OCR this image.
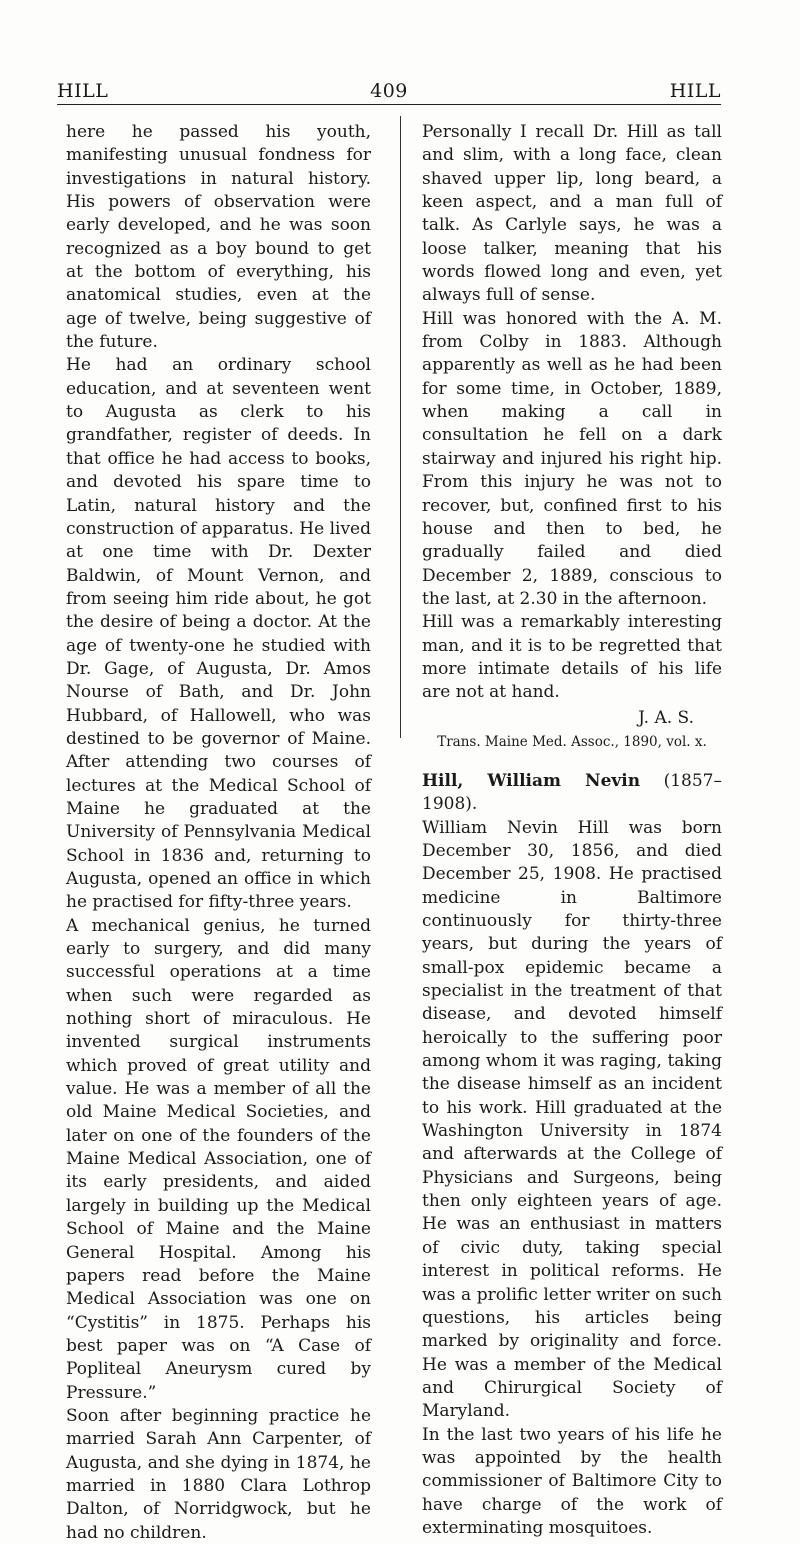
HILL	409	HILL

here he passed his youth, manifesting unusual fondness for investigations in natural history. His powers of observation were early developed, and he was soon recognized as a boy bound to get at the bottom of everything, his anatomical studies, even at the age of twelve, being suggestive of the future.

He had an ordinary school education, and at seventeen went to Augusta as clerk to his grandfather, register of deeds. In that office he had access to books, and devoted his spare time to Latin, natural history and the construction of apparatus. He lived at one time with Dr. Dexter Baldwin, of Mount Vernon, and from seeing him ride about, he got the desire of being a doctor. At the age of twenty-one he studied with Dr. Gage, of Augusta, Dr. Amos Nourse of Bath, and Dr. John Hubbard, of Hallowell, who was destined to be governor of Maine. After attending two courses of lectures at the Medical School of Maine he graduated at the University of Pennsylvania Medical School in 1836 and, returning to Augusta, opened an office in which he practised for fifty-three years.

A mechanical genius, he turned early to surgery, and did many successful operations at a time when such were regarded as nothing short of miraculous. He invented surgical instruments which proved of great utility and value. He was a member of all the old Maine Medical Societies, and later on one of the founders of the Maine Medical Association, one of its early presidents, and aided largely in building up the Medical School of Maine and the Maine General Hospital. Among his papers read before the Maine Medical Association was one on “Cystitis” in 1875. Perhaps his best paper was on “A Case of Popliteal Aneurysm cured by Pressure.”

Soon after beginning practice he married Sarah Ann Carpenter, of Augusta, and she dying in 1874, he married in 1880 Clara Lothrop Dalton, of Norridgwock, but he had no children.

Personally I recall Dr. Hill as tall and slim, with a long face, clean shaved upper lip, long beard, a keen aspect, and a man full of talk. As Carlyle says, he was a loose talker, meaning that his words flowed long and even, yet always full of sense.

Hill was honored with the A. M. from Colby in 1883. Although apparently as well as he had been for some time, in October, 1889, when making a call in consultation he fell on a dark stairway and injured his right hip. From this injury he was not to recover, but, confined first to his house and then to bed, he gradually failed and died December 2, 1889, conscious to the last, at 2.30 in the afternoon.

Hill was a remarkably interesting man, and it is to be regretted that more intimate details of his life are not at hand.

J. A. S.

Trans. Maine Med. Assoc., 1890, vol. x.

Hill, William Nevin (1857–1908).

William Nevin Hill was born December 30, 1856, and died December 25, 1908. He practised medicine in Baltimore continuously for thirty-three years, but during the years of small-pox epidemic became a specialist in the treatment of that disease, and devoted himself heroically to the suffering poor among whom it was raging, taking the disease himself as an incident to his work. Hill graduated at the Washington University in 1874 and afterwards at the College of Physicians and Surgeons, being then only eighteen years of age. He was an enthusiast in matters of civic duty, taking special interest in political reforms. He was a prolific letter writer on such questions, his articles being marked by originality and force. He was a member of the Medical and Chirurgical Society of Maryland.

In the last two years of his life he was appointed by the health commissioner of Baltimore City to have charge of the work of exterminating mosquitoes.
